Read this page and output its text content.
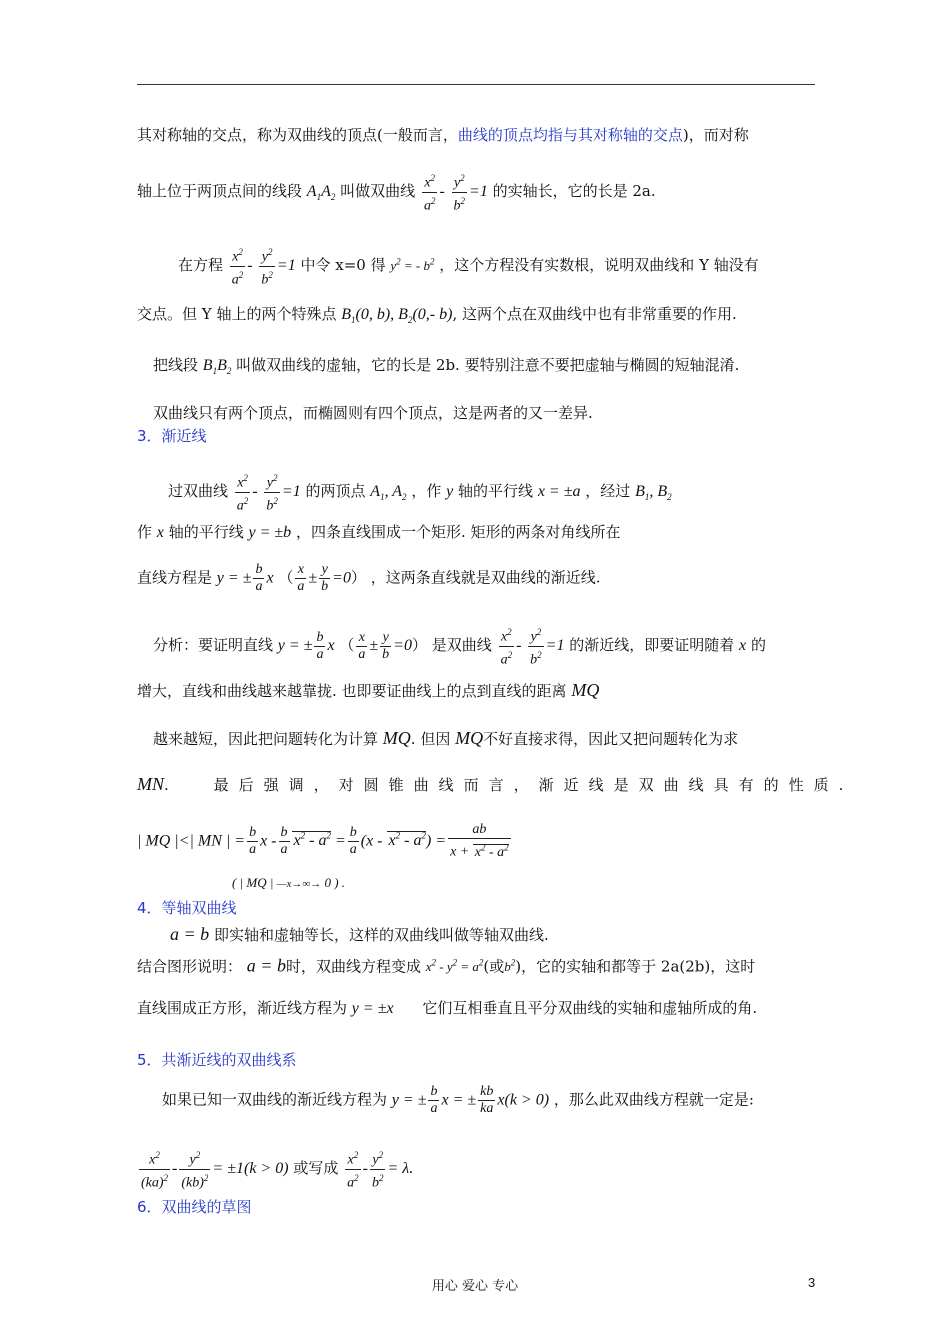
其对称轴的交点，称为双曲线的顶点(一般而言，曲线的顶点均指与其对称轴的交点)，而对称
轴上位于两顶点间的线段 $A_1A_2$ 叫做双曲线 $\frac{x^2}{a^2} - \frac{y^2}{b^2} =1$ 的实轴长，它的长是 2a.
在方程 $\frac{x^2}{a^2} - \frac{y^2}{b^2} =1$ 中令 x=0 得 $y^2$ = - $b^2$ ，这个方程没有实数根，说明双曲线和 Y 轴没有
交点。但 Y 轴上的两个特殊点 $B_1(0$, b), $B_2(0,-$ b), 这两个点在双曲线中也有非常重要的作用.
把线段 $B_1B_2$ 叫做双曲线的虚轴，它的长是 2b. 要特别注意不要把虚轴与椭圆的短轴混淆.
双曲线只有两个顶点，而椭圆则有四个顶点，这是两者的又一差异.
3．渐近线
过双曲线 $\frac{x^2}{a^2} - \frac{y^2}{b^2} =1$ 的两顶点 $A_1$, $A_2$ ，作 y 轴的平行线 x = ±a ，经过 $B_1$, $B_2$
作 x 轴的平行线 y = ±b ，四条直线围成一个矩形. 矩形的两条对角线所在
直线方程是 y = ± $\frac{b}{a}$ x （ $\frac{x}{a} \pm \frac{y}{b} =0$） ，这两条直线就是双曲线的渐近线.
分析：要证明直线 y = ± $\frac{b}{a}$ x （ $\frac{x}{a} \pm \frac{y}{b} =0$） 是双曲线 $\frac{x^2}{a^2} - \frac{y^2}{b^2} =1$ 的渐近线，即要证明随着 x 的
增大，直线和曲线越来越靠拢. 也即要证曲线上的点到直线的距离 MQ
越来越短，因此把问题转化为计算 MQ. 但因 MQ不好直接求得，因此又把问题转化为求
MN.	最后强调，对圆锥曲线而言，渐近线是双曲线具有的性质.
| MQ |<| MN | = $\frac{b}{a}$ $x - \frac{b}{a} x^2 - a^2 = \frac{b}{a} (x - x^2 - a^2) = \frac{ab}{x + x^2 - a^2}$
( | MQ | —x→∞→ 0 ) .
4．等轴双曲线
a = b 即实轴和虚轴等长，这样的双曲线叫做等轴双曲线.
结合图形说明： a = b时，双曲线方程变成 $x^2 - y^2 = a^2$(或$b^2$)，它的实轴和都等于 2a(2b)，这时
直线围成正方形，渐近线方程为 y = ±x 它们互相垂直且平分双曲线的实轴和虚轴所成的角.
5．共渐近线的双曲线系
如果已知一双曲线的渐近线方程为 y = ± $\frac{b}{a}$ x = ± $\frac{kb}{ka} x(k > 0)$ ，那么此双曲线方程就一定是:
$\frac{x^2}{(ka)^2} - \frac{y^2}{(kb)^2} = \pm 1(k > 0)$ 或写成 $\frac{x^2}{a^2} - \frac{y^2}{b^2} = \lambda$.
6．双曲线的草图
用心 爱心 专心	3
